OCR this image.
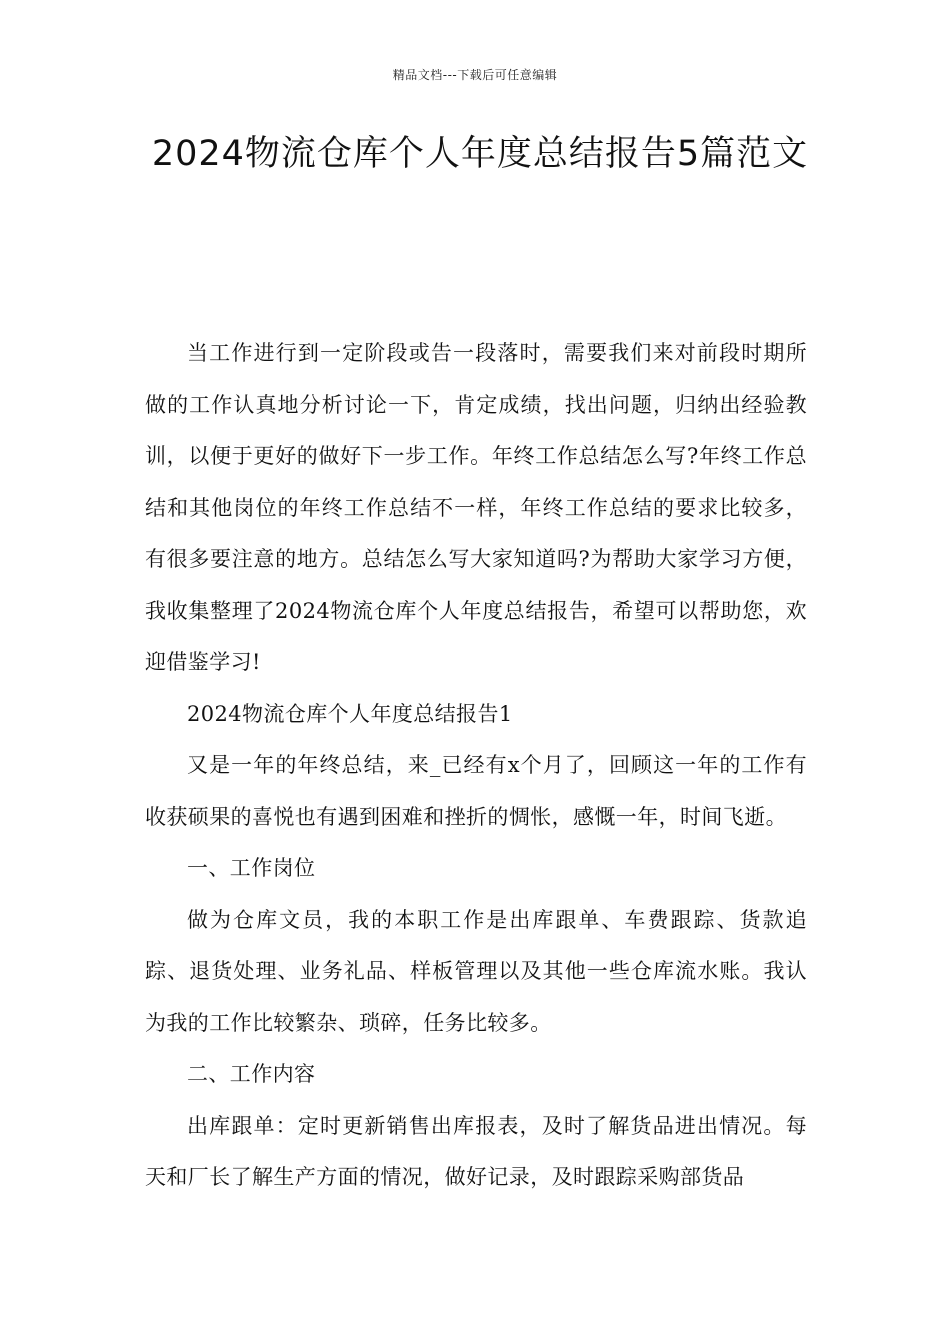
精品文档---下载后可任意编辑
2024物流仓库个人年度总结报告5篇范文

当工作进行到一定阶段或告一段落时，需要我们来对前段时期所做的工作认真地分析讨论一下，肯定成绩，找出问题，归纳出经验教训，以便于更好的做好下一步工作。年终工作总结怎么写?年终工作总结和其他岗位的年终工作总结不一样，年终工作总结的要求比较多，有很多要注意的地方。总结怎么写大家知道吗?为帮助大家学习方便，我收集整理了2024物流仓库个人年度总结报告，希望可以帮助您，欢迎借鉴学习!

2024物流仓库个人年度总结报告1

又是一年的年终总结，来_已经有x个月了，回顾这一年的工作有收获硕果的喜悦也有遇到困难和挫折的惆怅，感慨一年，时间飞逝。

一、工作岗位

做为仓库文员，我的本职工作是出库跟单、车费跟踪、货款追踪、退货处理、业务礼品、样板管理以及其他一些仓库流水账。我认为我的工作比较繁杂、琐碎，任务比较多。

二、工作内容

出库跟单：定时更新销售出库报表，及时了解货品进出情况。每天和厂长了解生产方面的情况，做好记录，及时跟踪采购部货品
